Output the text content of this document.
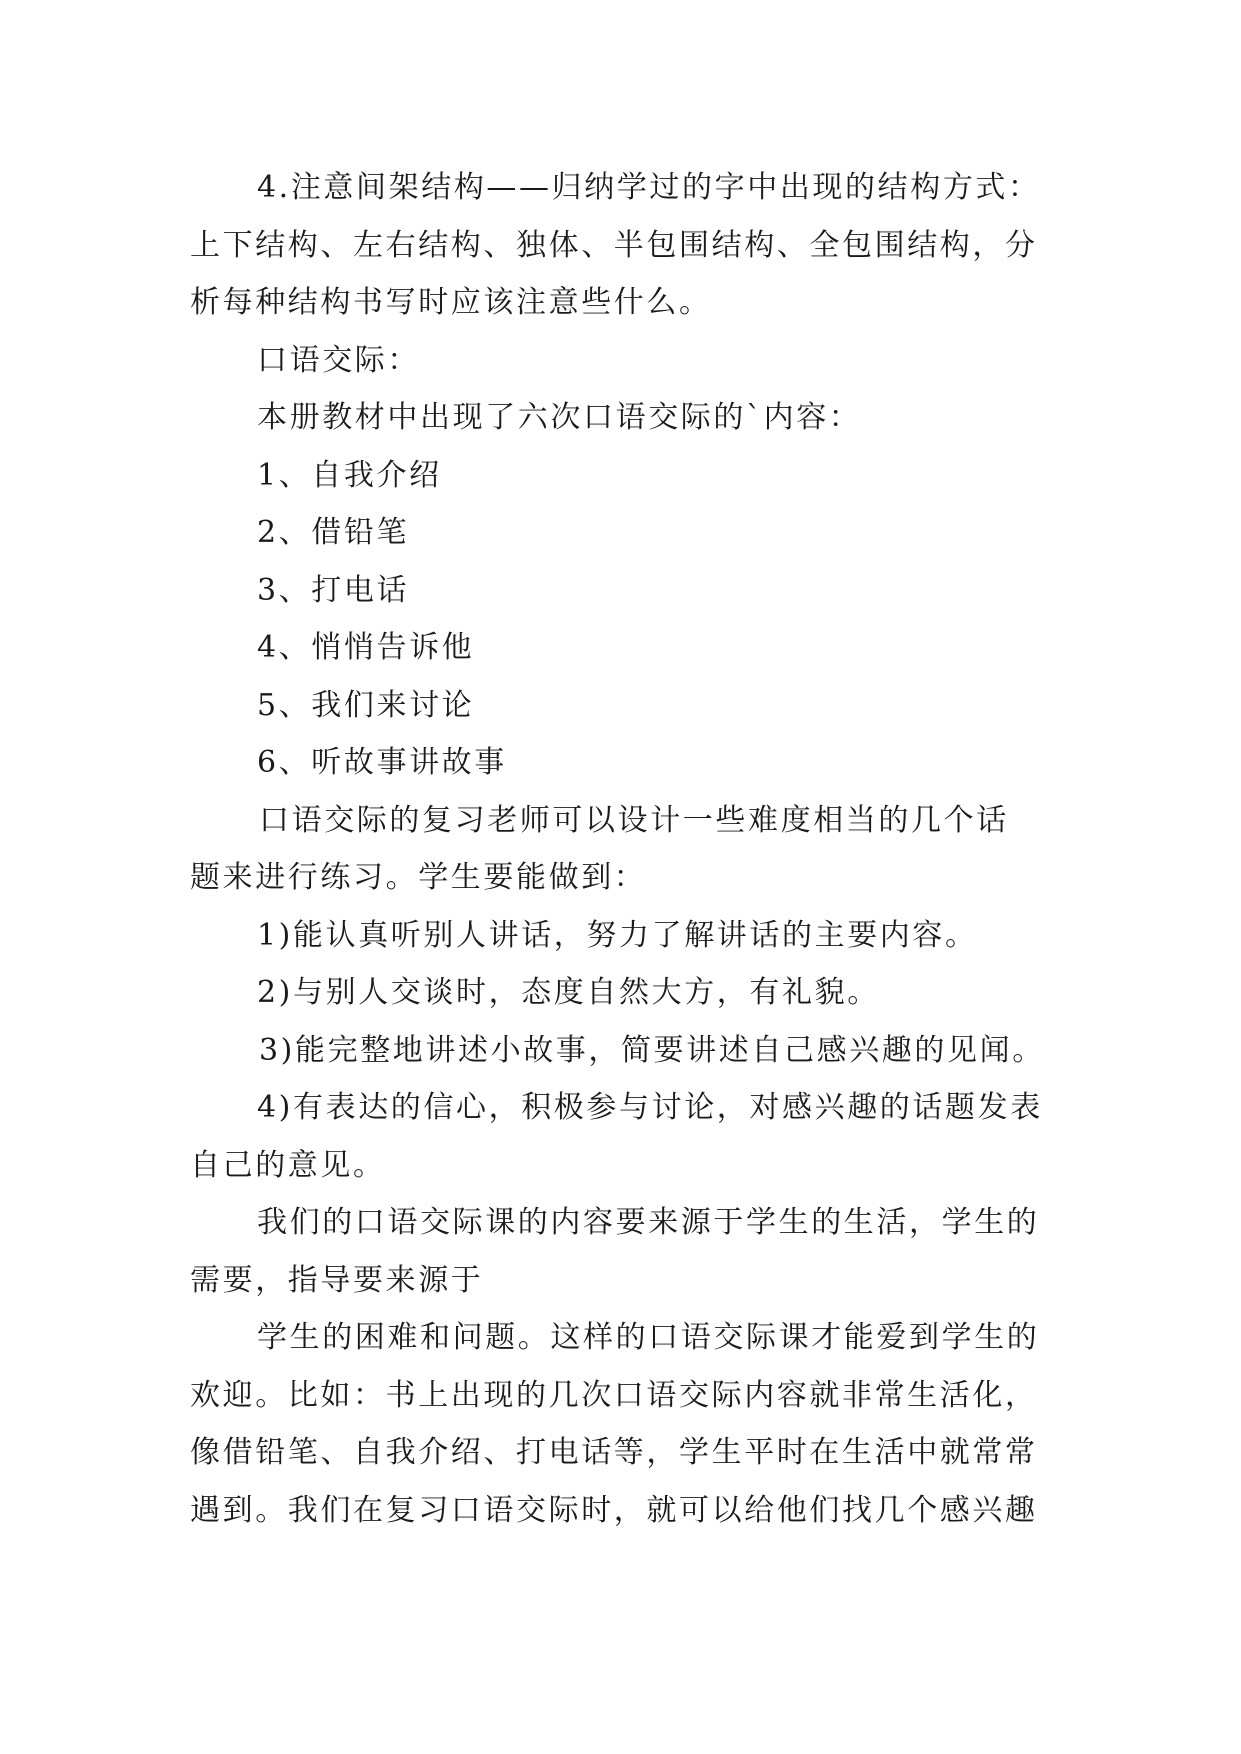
4.注意间架结构——归纳学过的字中出现的结构方式：
上下结构、左右结构、独体、半包围结构、全包围结构，分
析每种结构书写时应该注意些什么。
口语交际：
本册教材中出现了六次口语交际的`内容：
1、自我介绍
2、借铅笔
3、打电话
4、悄悄告诉他
5、我们来讨论
6、听故事讲故事
口语交际的复习老师可以设计一些难度相当的几个话
题来进行练习。学生要能做到：
1)能认真听别人讲话，努力了解讲话的主要内容。
2)与别人交谈时，态度自然大方，有礼貌。
3)能完整地讲述小故事，简要讲述自己感兴趣的见闻。
4)有表达的信心，积极参与讨论，对感兴趣的话题发表
自己的意见。
我们的口语交际课的内容要来源于学生的生活，学生的
需要，指导要来源于
学生的困难和问题。这样的口语交际课才能爱到学生的
欢迎。比如：书上出现的几次口语交际内容就非常生活化，
像借铅笔、自我介绍、打电话等，学生平时在生活中就常常
遇到。我们在复习口语交际时，就可以给他们找几个感兴趣
